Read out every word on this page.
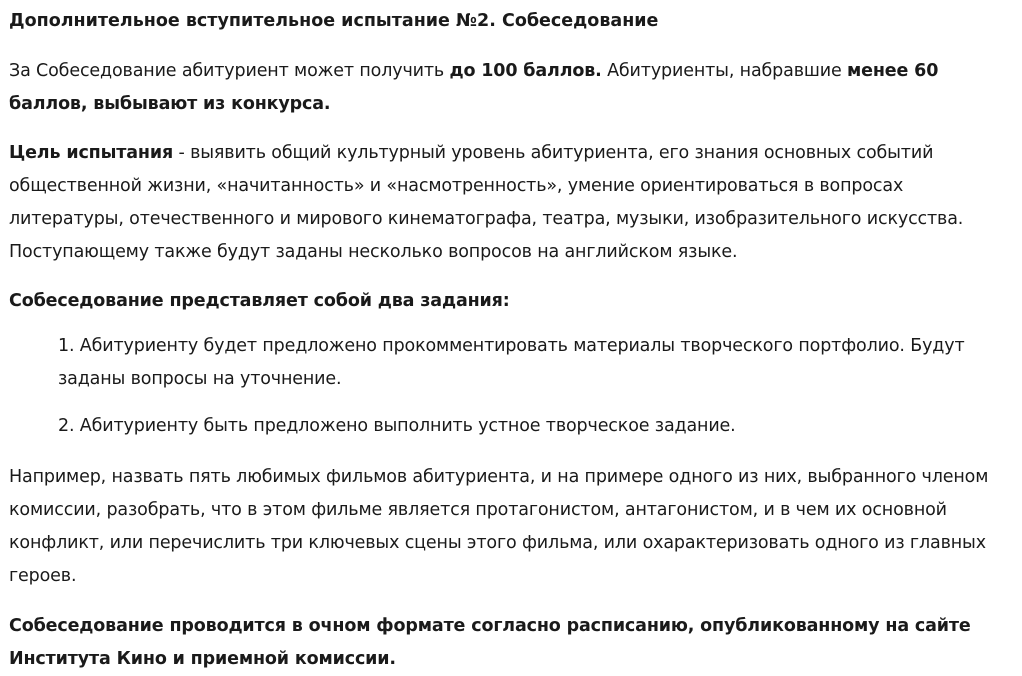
Дополнительное вступительное испытание №2. Собеседование

За Собеседование абитуриент может получить до 100 баллов. Абитуриенты, набравшие менее 60 баллов, выбывают из конкурса.

Цель испытания - выявить общий культурный уровень абитуриента, его знания основных событий общественной жизни, «начитанность» и «насмотренность», умение ориентироваться в вопросах литературы, отечественного и мирового кинематографа, театра, музыки, изобразительного искусства. Поступающему также будут заданы несколько вопросов на английском языке.

Собеседование представляет собой два задания:

1. Абитуриенту будет предложено прокомментировать материалы творческого портфолио. Будут заданы вопросы на уточнение.
2. Абитуриенту быть предложено выполнить устное творческое задание.

Например, назвать пять любимых фильмов абитуриента, и на примере одного из них, выбранного членом комиссии, разобрать, что в этом фильме является протагонистом, антагонистом, и в чем их основной конфликт, или перечислить три ключевых сцены этого фильма, или охарактеризовать одного из главных героев.

Собеседование проводится в очном формате согласно расписанию, опубликованному на сайте Института Кино и приемной комиссии.
